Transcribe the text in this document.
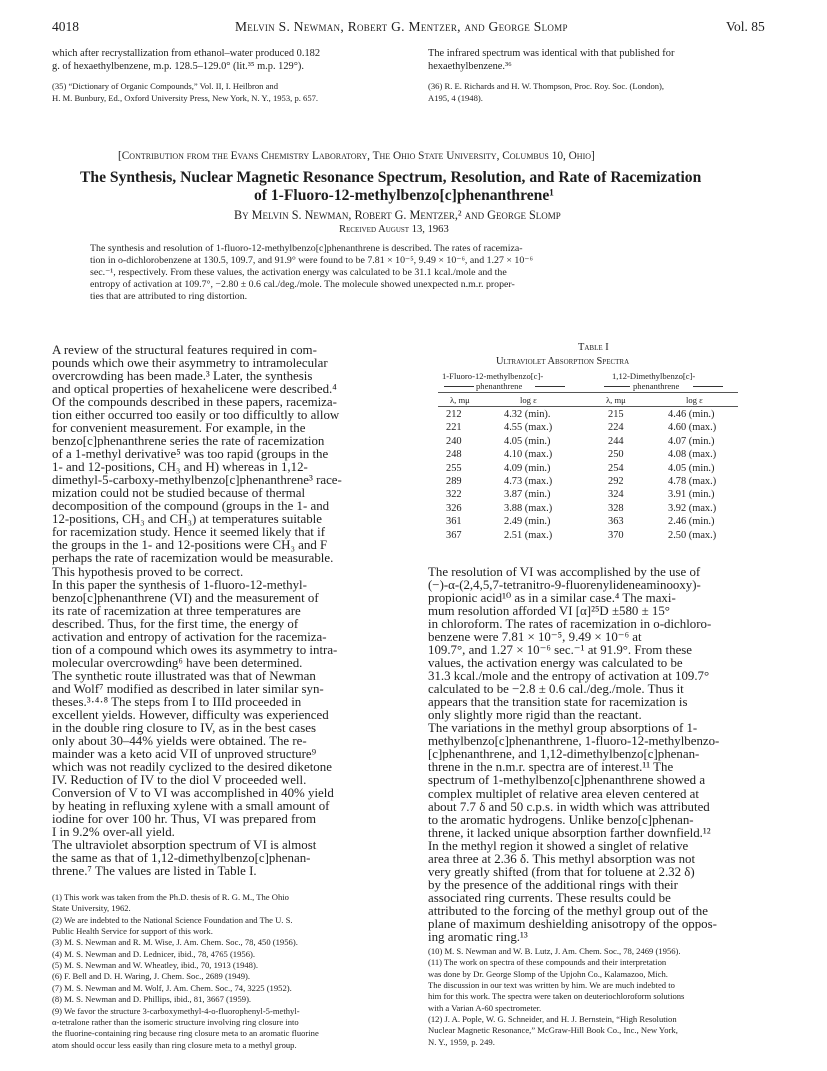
4018	Melvin S. Newman, Robert G. Mentzer, and George Slomp	Vol. 85
which after recrystallization from ethanol–water produced 0.182
g. of hexaethylbenzene, m.p. 128.5–129.0° (lit.³⁵ m.p. 129°).
(35) “Dictionary of Organic Compounds,” Vol. II, I. Heilbron and
H. M. Bunbury, Ed., Oxford University Press, New York, N. Y., 1953, p. 657.
The infrared spectrum was identical with that published for
hexaethylbenzene.³⁶
(36) R. E. Richards and H. W. Thompson, Proc. Roy. Soc. (London),
A195, 4 (1948).
[Contribution from the Evans Chemistry Laboratory, The Ohio State University, Columbus 10, Ohio]
The Synthesis, Nuclear Magnetic Resonance Spectrum, Resolution, and Rate of Racemization
of 1-Fluoro-12-methylbenzo[c]phenanthrene¹
By Melvin S. Newman, Robert G. Mentzer,² and George Slomp
Received August 13, 1963
The synthesis and resolution of 1-fluoro-12-methylbenzo[c]phenanthrene is described. The rates of racemiza-
tion in o-dichlorobenzene at 130.5, 109.7, and 91.9° were found to be 7.81 × 10⁻⁵, 9.49 × 10⁻⁶, and 1.27 × 10⁻⁶
sec.⁻¹, respectively. From these values, the activation energy was calculated to be 31.1 kcal./mole and the
entropy of activation at 109.7°, −2.80 ± 0.6 cal./deg./mole. The molecule showed unexpected n.m.r. proper-
ties that are attributed to ring distortion.
A review of the structural features required in com-
pounds which owe their asymmetry to intramolecular
overcrowding has been made.³ Later, the synthesis
and optical properties of hexahelicene were described.⁴
Of the compounds described in these papers, racemiza-
tion either occurred too easily or too difficultly to allow
for convenient measurement. For example, in the
benzo[c]phenanthrene series the rate of racemization
of a 1-methyl derivative⁵ was too rapid (groups in the
1- and 12-positions, CH₃ and H) whereas in 1,12-
dimethyl-5-carboxy-methylbenzo[c]phenanthrene³ race-
mization could not be studied because of thermal
decomposition of the compound (groups in the 1- and
12-positions, CH₃ and CH₃) at temperatures suitable
for racemization study. Hence it seemed likely that if
the groups in the 1- and 12-positions were CH₃ and F
perhaps the rate of racemization would be measurable.
This hypothesis proved to be correct.
In this paper the synthesis of 1-fluoro-12-methyl-
benzo[c]phenanthrene (VI) and the measurement of
its rate of racemization at three temperatures are
described. Thus, for the first time, the energy of
activation and entropy of activation for the racemiza-
tion of a compound which owes its asymmetry to intra-
molecular overcrowding⁶ have been determined.
The synthetic route illustrated was that of Newman
and Wolf⁷ modified as described in later similar syn-
theses.³·⁴·⁸ The steps from I to IIId proceeded in
excellent yields. However, difficulty was experienced
in the double ring closure to IV, as in the best cases
only about 30–44% yields were obtained. The re-
mainder was a keto acid VII of unproved structure⁹
which was not readily cyclized to the desired diketone
IV. Reduction of IV to the diol V proceeded well.
Conversion of V to VI was accomplished in 40% yield
by heating in refluxing xylene with a small amount of
iodine for over 100 hr. Thus, VI was prepared from
I in 9.2% over-all yield.
The ultraviolet absorption spectrum of VI is almost
the same as that of 1,12-dimethylbenzo[c]phenan-
threne.⁷ The values are listed in Table I.
(1) This work was taken from the Ph.D. thesis of R. G. M., The Ohio
State University, 1962.
(2) We are indebted to the National Science Foundation and The U. S.
Public Health Service for support of this work.
(3) M. S. Newman and R. M. Wise, J. Am. Chem. Soc., 78, 450 (1956).
(4) M. S. Newman and D. Lednicer, ibid., 78, 4765 (1956).
(5) M. S. Newman and W. Wheatley, ibid., 70, 1913 (1948).
(6) F. Bell and D. H. Waring, J. Chem. Soc., 2689 (1949).
(7) M. S. Newman and M. Wolf, J. Am. Chem. Soc., 74, 3225 (1952).
(8) M. S. Newman and D. Phillips, ibid., 81, 3667 (1959).
(9) We favor the structure 3-carboxymethyl-4-o-fluorophenyl-5-methyl-
α-tetralone rather than the isomeric structure involving ring closure into
the fluorine-containing ring because ring closure meta to an aromatic fluorine
atom should occur less easily than ring closure meta to a methyl group.
Table I
Ultraviolet Absorption Spectra
1-Fluoro-12-methylbenzo[c]-
phenanthrene
1,12-Dimethylbenzo[c]-
phenanthrene
λ, mμ	log ε	λ, mμ	log ε
212	4.32 (min).	215	4.46 (min.)
221	4.55 (max.)	224	4.60 (max.)
240	4.05 (min.)	244	4.07 (min.)
248	4.10 (max.)	250	4.08 (max.)
255	4.09 (min.)	254	4.05 (min.)
289	4.73 (max.)	292	4.78 (max.)
322	3.87 (min.)	324	3.91 (min.)
326	3.88 (max.)	328	3.92 (max.)
361	2.49 (min.)	363	2.46 (min.)
367	2.51 (max.)	370	2.50 (max.)
The resolution of VI was accomplished by the use of
(−)-α-(2,4,5,7-tetranitro-9-fluorenylideneaminooxy)-
propionic acid¹⁰ as in a similar case.⁴ The maxi-
mum resolution afforded VI [α]²⁵D ±580 ± 15°
in chloroform. The rates of racemization in o-dichloro-
benzene were 7.81 × 10⁻⁵, 9.49 × 10⁻⁶ at
109.7°, and 1.27 × 10⁻⁶ sec.⁻¹ at 91.9°. From these
values, the activation energy was calculated to be
31.3 kcal./mole and the entropy of activation at 109.7°
calculated to be −2.8 ± 0.6 cal./deg./mole. Thus it
appears that the transition state for racemization is
only slightly more rigid than the reactant.
The variations in the methyl group absorptions of 1-
methylbenzo[c]phenanthrene, 1-fluoro-12-methylbenzo-
[c]phenanthrene, and 1,12-dimethylbenzo[c]phenan-
threne in the n.m.r. spectra are of interest.¹¹ The
spectrum of 1-methylbenzo[c]phenanthrene showed a
complex multiplet of relative area eleven centered at
about 7.7 δ and 50 c.p.s. in width which was attributed
to the aromatic hydrogens. Unlike benzo[c]phenan-
threne, it lacked unique absorption farther downfield.¹²
In the methyl region it showed a singlet of relative
area three at 2.36 δ. This methyl absorption was not
very greatly shifted (from that for toluene at 2.32 δ)
by the presence of the additional rings with their
associated ring currents. These results could be
attributed to the forcing of the methyl group out of the
plane of maximum deshielding anisotropy of the oppos-
ing aromatic ring.¹³
(10) M. S. Newman and W. B. Lutz, J. Am. Chem. Soc., 78, 2469 (1956).
(11) The work on spectra of these compounds and their interpretation
was done by Dr. George Slomp of the Upjohn Co., Kalamazoo, Mich.
The discussion in our text was written by him. We are much indebted to
him for this work. The spectra were taken on deuteriochloroform solutions
with a Varian A-60 spectrometer.
(12) J. A. Pople, W. G. Schneider, and H. J. Bernstein, “High Resolution
Nuclear Magnetic Resonance,” McGraw-Hill Book Co., Inc., New York,
N. Y., 1959, p. 249.
